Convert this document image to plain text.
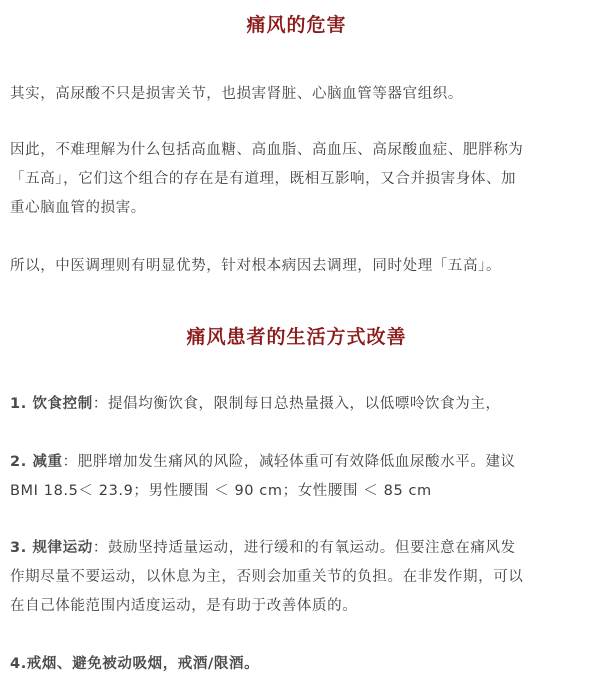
痛风的危害
其实，高尿酸不只是损害关节，也损害肾脏、心脑血管等器官组织。
因此，不难理解为什么包括高血糖、高血脂、高血压、高尿酸血症、肥胖称为
「五高」，它们这个组合的存在是有道理，既相互影响，又合并损害身体、加
重心脑血管的损害。
所以，中医调理则有明显优势，针对根本病因去调理，同时处理「五高」。
痛风患者的生活方式改善
1. 饮食控制：提倡均衡饮食，限制每日总热量摄入，以低嘌呤饮食为主，
2. 减重：肥胖增加发生痛风的风险，减轻体重可有效降低血尿酸水平。建议
BMI 18.5＜ 23.9；男性腰围 ＜ 90 cm；女性腰围 ＜ 85 cm
3. 规律运动：鼓励坚持适量运动，进行缓和的有氧运动。但要注意在痛风发
作期尽量不要运动，以休息为主，否则会加重关节的负担。在非发作期，可以
在自己体能范围内适度运动，是有助于改善体质的。
4.戒烟、避免被动吸烟，戒酒/限酒。
